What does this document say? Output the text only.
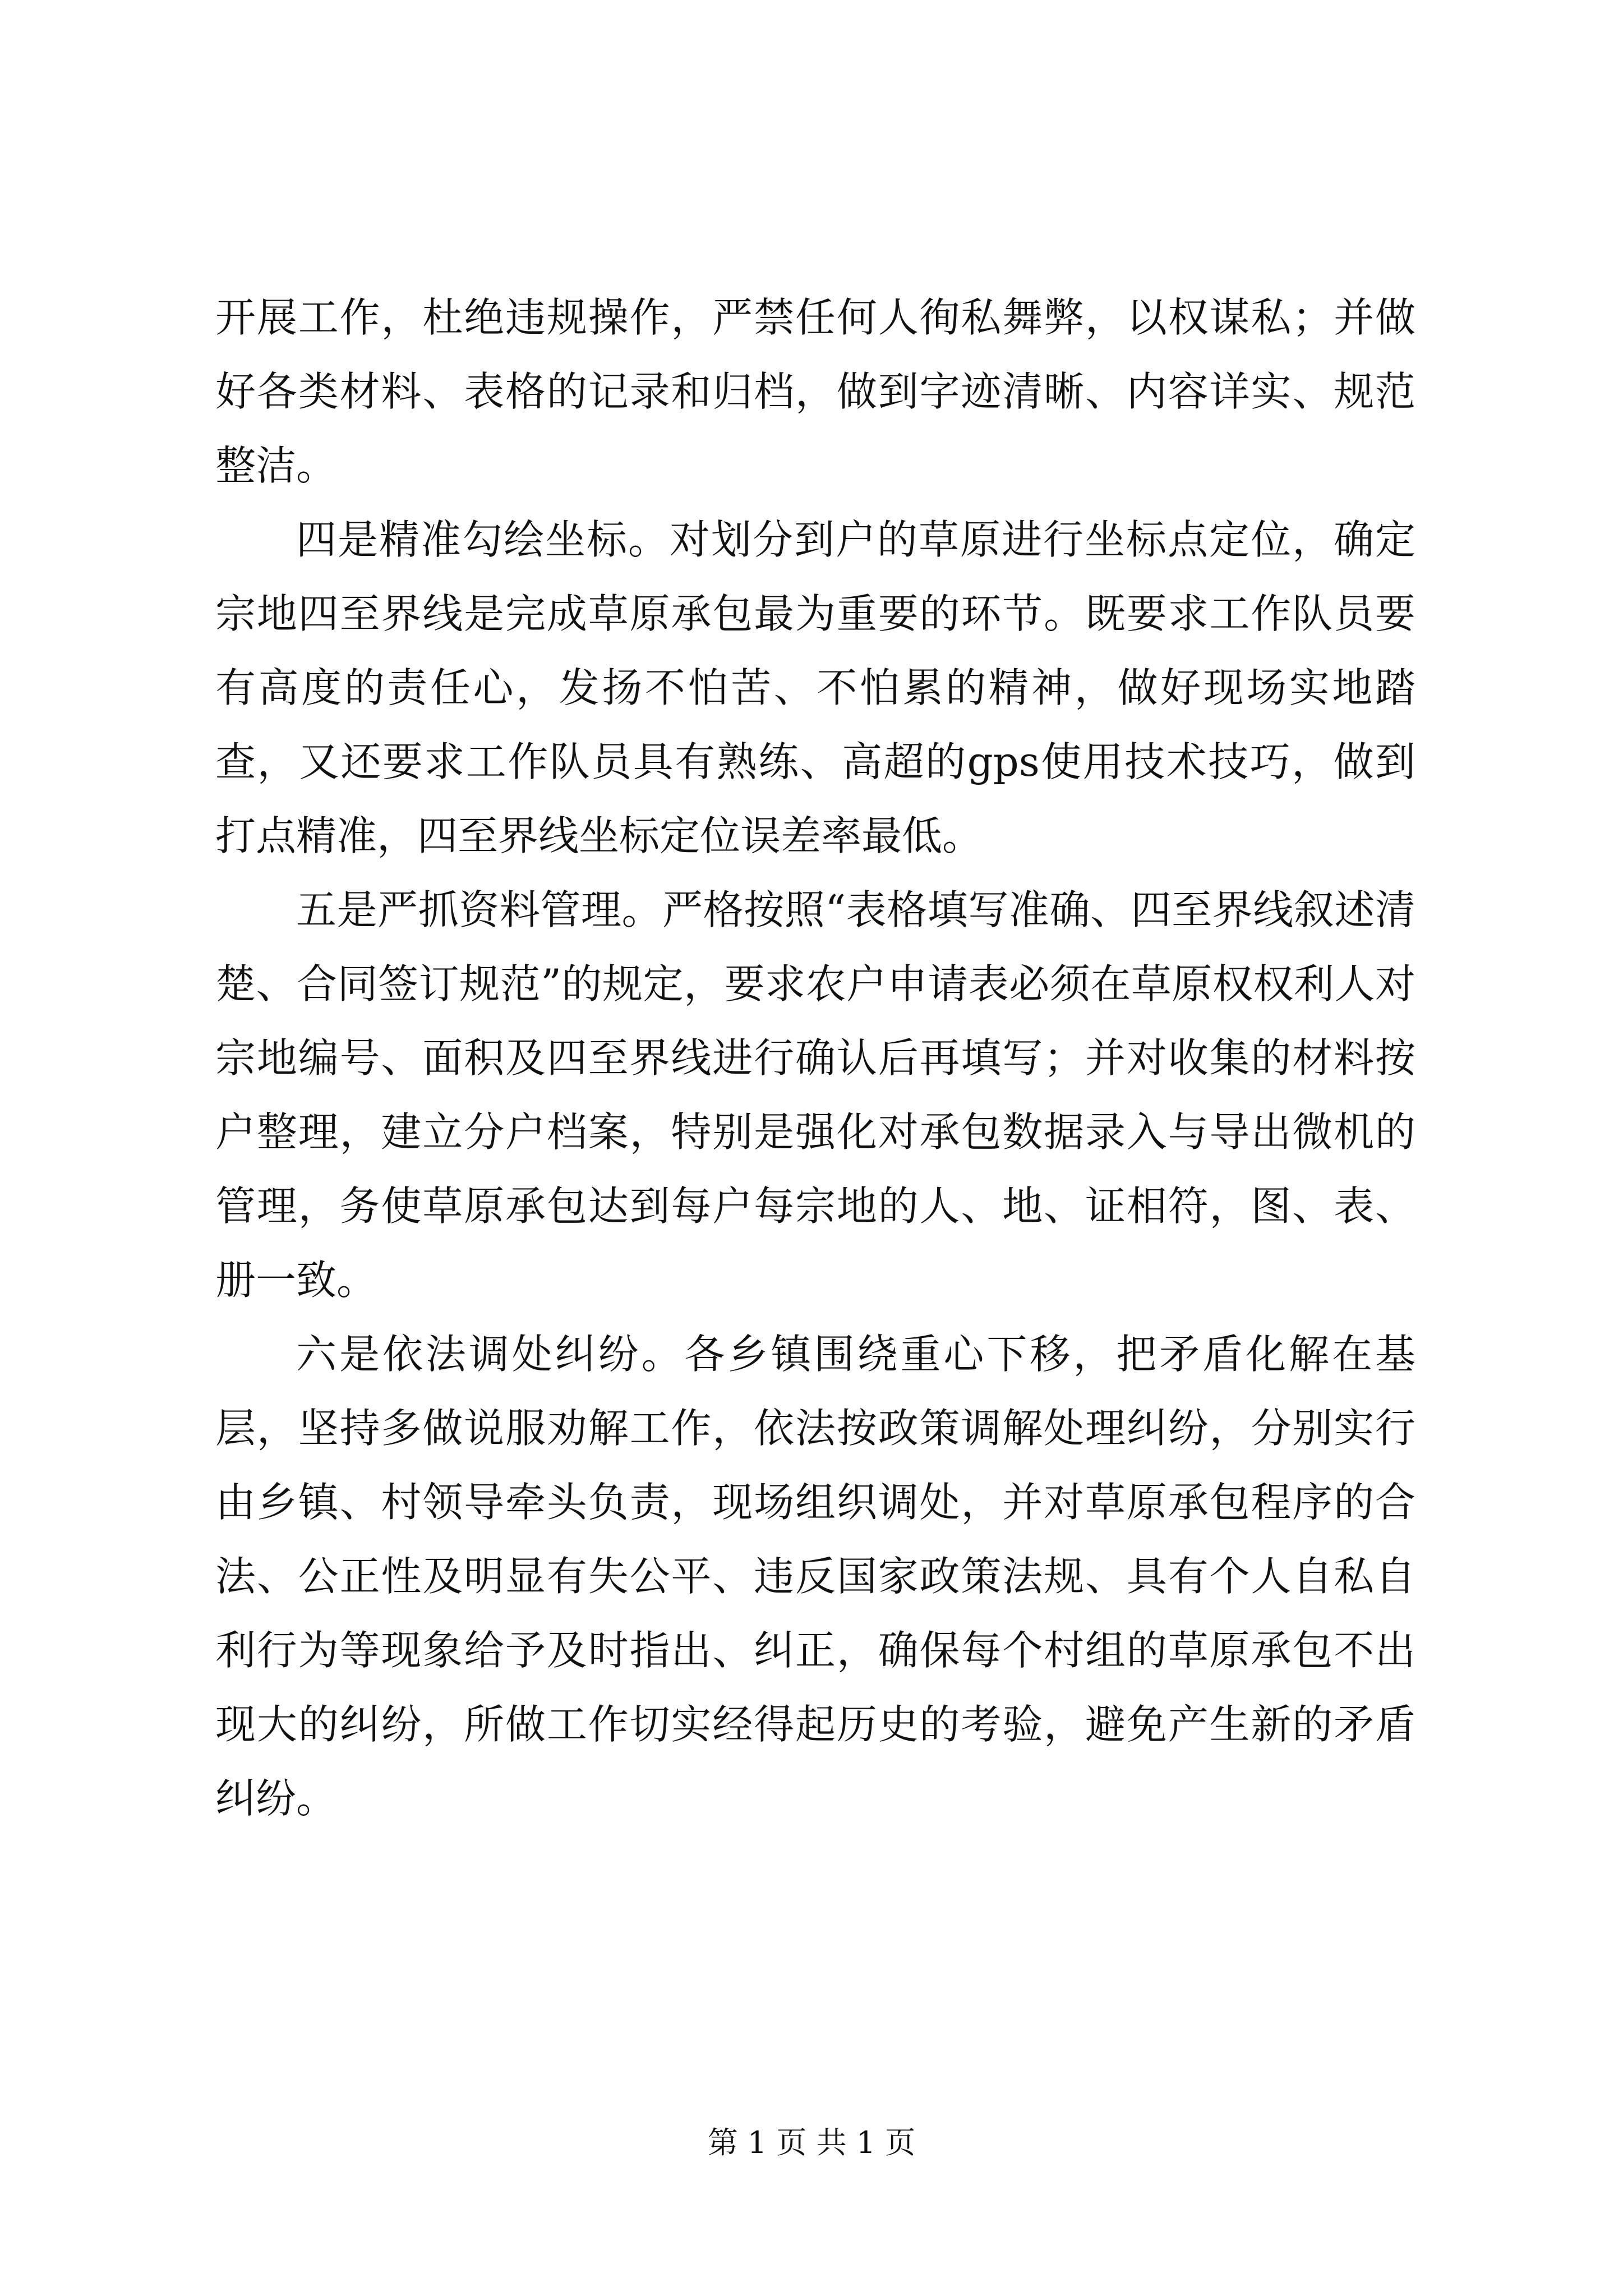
开展工作，杜绝违规操作，严禁任何人徇私舞弊，以权谋私；并做好各类材料、表格的记录和归档，做到字迹清晰、内容详实、规范整洁。

四是精准勾绘坐标。对划分到户的草原进行坐标点定位，确定宗地四至界线是完成草原承包最为重要的环节。既要求工作队员要有高度的责任心，发扬不怕苦、不怕累的精神，做好现场实地踏查，又还要求工作队员具有熟练、高超的gps使用技术技巧，做到打点精准，四至界线坐标定位误差率最低。

五是严抓资料管理。严格按照“表格填写准确、四至界线叙述清楚、合同签订规范”的规定，要求农户申请表必须在草原权权利人对宗地编号、面积及四至界线进行确认后再填写；并对收集的材料按户整理，建立分户档案，特别是强化对承包数据录入与导出微机的管理，务使草原承包达到每户每宗地的人、地、证相符，图、表、册一致。

六是依法调处纠纷。各乡镇围绕重心下移，把矛盾化解在基层，坚持多做说服劝解工作，依法按政策调解处理纠纷，分别实行由乡镇、村领导牵头负责，现场组织调处，并对草原承包程序的合法、公正性及明显有失公平、违反国家政策法规、具有个人自私自利行为等现象给予及时指出、纠正，确保每个村组的草原承包不出现大的纠纷，所做工作切实经得起历史的考验，避免产生新的矛盾纠纷。

第 1 页 共 1 页
